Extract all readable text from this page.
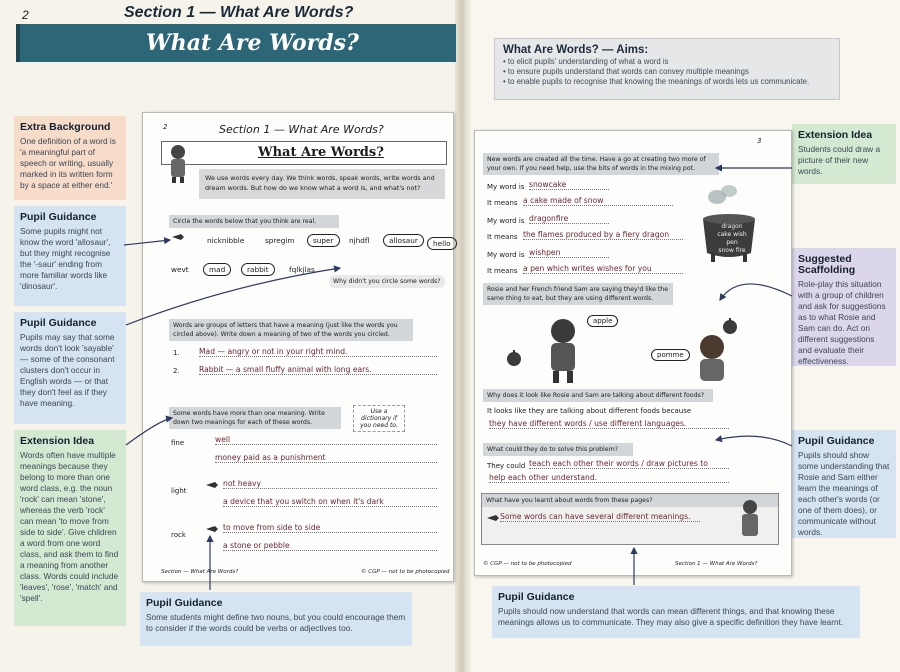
2	Section 1 — What Are Words?
What Are Words?	What Are Words? — Aims:
• to elicit pupils' understanding of what a word is
• to ensure pupils understand that words can convey multiple meanings
• to enable pupils to recognise that knowing the meanings of words lets us communicate.
Extra Background
One definition of a word is 'a meaningful part of speech or writing, usually marked in its written form by a space at either end.'
Pupil Guidance
Some pupils might not know the word 'allosaur', but they might recognise the '-saur' ending from more familiar words like 'dinosaur'.
Pupil Guidance
Pupils may say that some words don't look 'sayable' — some of the consonant clusters don't occur in English words — or that they don't feel as if they have meaning.
Extension Idea
Words often have multiple meanings because they belong to more than one word class, e.g. the noun 'rock' can mean 'stone', whereas the verb 'rock' can mean 'to move from side to side'. Give children a word from one word class, and ask them to find a meaning from another class. Words could include 'leaves', 'rose', 'match' and 'spell'.	Pupil Guidance
Some students might define two nouns, but you could encourage them to consider if the words could be verbs or adjectives too.
Extension Idea
Students could draw a picture of their new words.
Suggested Scaffolding
Role-play this situation with a group of children and ask for suggestions as to what Rosie and Sam can do. Act on different suggestions and evaluate their effectiveness.
Pupil Guidance
Pupils should show some understanding that Rosie and Sam either learn the meanings of each other's words (or one of them does), or communicate without words.
Pupil Guidance
Pupils should now understand that words can mean different things, and that knowing these meanings allows us to communicate. They may also give a specific definition they have learnt.
2	Section 1 — What Are Words?
What Are Words?
We use words every day. We think words, speak words, write words and dream words. But how do we know what a word is, and what's not?
Circle the words below that you think are real.
nicknibble	spregim	super	njhdfl	allosaur	hello
wevt	mad	rabbit	fqlkjlas
Why didn't you circle some words?
Words are groups of letters that have a meaning (just like the words you circled above). Write down a meaning of two of the words you circled.
1.	Mad — angry or not in your right mind.
2.	Rabbit — a small fluffy animal with long ears.
Some words have more than one meaning. Write down two meanings for each of these words.
Use a dictionary if you need to.
fine	well
money paid as a punishment
light
not heavy
a device that you switch on when it's dark
rock
to move from side to side
a stone or pebble
Section — What Are Words?	© CGP — not to be photocopied
3
New words are created all the time. Have a go at creating two more of your own. If you need help, use the bits of words in the mixing pot.
My word is snowcake
It means a cake made of snow
My word is dragonfire
It means the flames produced by a fiery dragon
My word is wishpen
It means a pen which writes wishes for you
dragon
cake wish
pen
snow fire
Rosie and her French friend Sam are saying they'd like the same thing to eat, but they are using different words.
apple
pomme
Why does it look like Rosie and Sam are talking about different foods?
It looks like they are talking about different foods because
they have different words / use different languages.
What could they do to solve this problem?
They could teach each other their words / draw pictures to
help each other understand.
What have you learnt about words from these pages?
Some words can have several different meanings.
© CGP — not to be photocopied	Section 1 — What Are Words?
